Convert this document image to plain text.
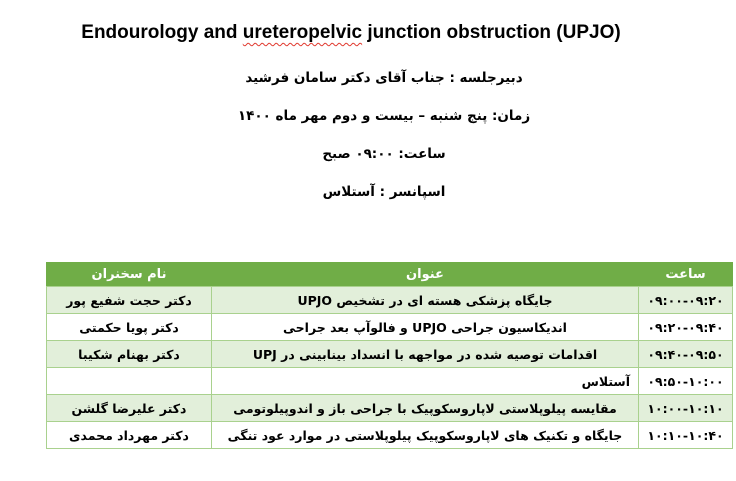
Endourology and ureteropelvic junction obstruction (UPJO)

دبیرجلسه : جناب آقای دکتر سامان فرشید

زمان: پنج شنبه – بیست و دوم مهر ماه ۱۴۰۰

ساعت: ۰۹:۰۰ صبح

اسپانسر : آستلاس

ساعت	عنوان	نام سخنران
۰۹:۰۰-۰۹:۲۰	جایگاه پزشکی هسته ای در تشخیص UPJO	دکتر حجت شفیع پور
۰۹:۲۰-۰۹:۴۰	اندیکاسیون جراحی UPJO و فالوآپ بعد جراحی	دکتر پویا حکمتی
۰۹:۴۰-۰۹:۵۰	اقدامات توصیه شده در مواجهه با انسداد بینابینی در UPJ	دکتر بهنام شکیبا
۰۹:۵۰-۱۰:۰۰	آستلاس	
۱۰:۰۰-۱۰:۱۰	مقایسه پیلوپلاستی لاپاروسکوپیک با جراحی باز و اندوپیلوتومی	دکتر علیرضا گلشن
۱۰:۱۰-۱۰:۴۰	جایگاه و تکنیک های لاپاروسکوپیک پیلوپلاستی در موارد عود تنگی	دکتر مهرداد محمدی
